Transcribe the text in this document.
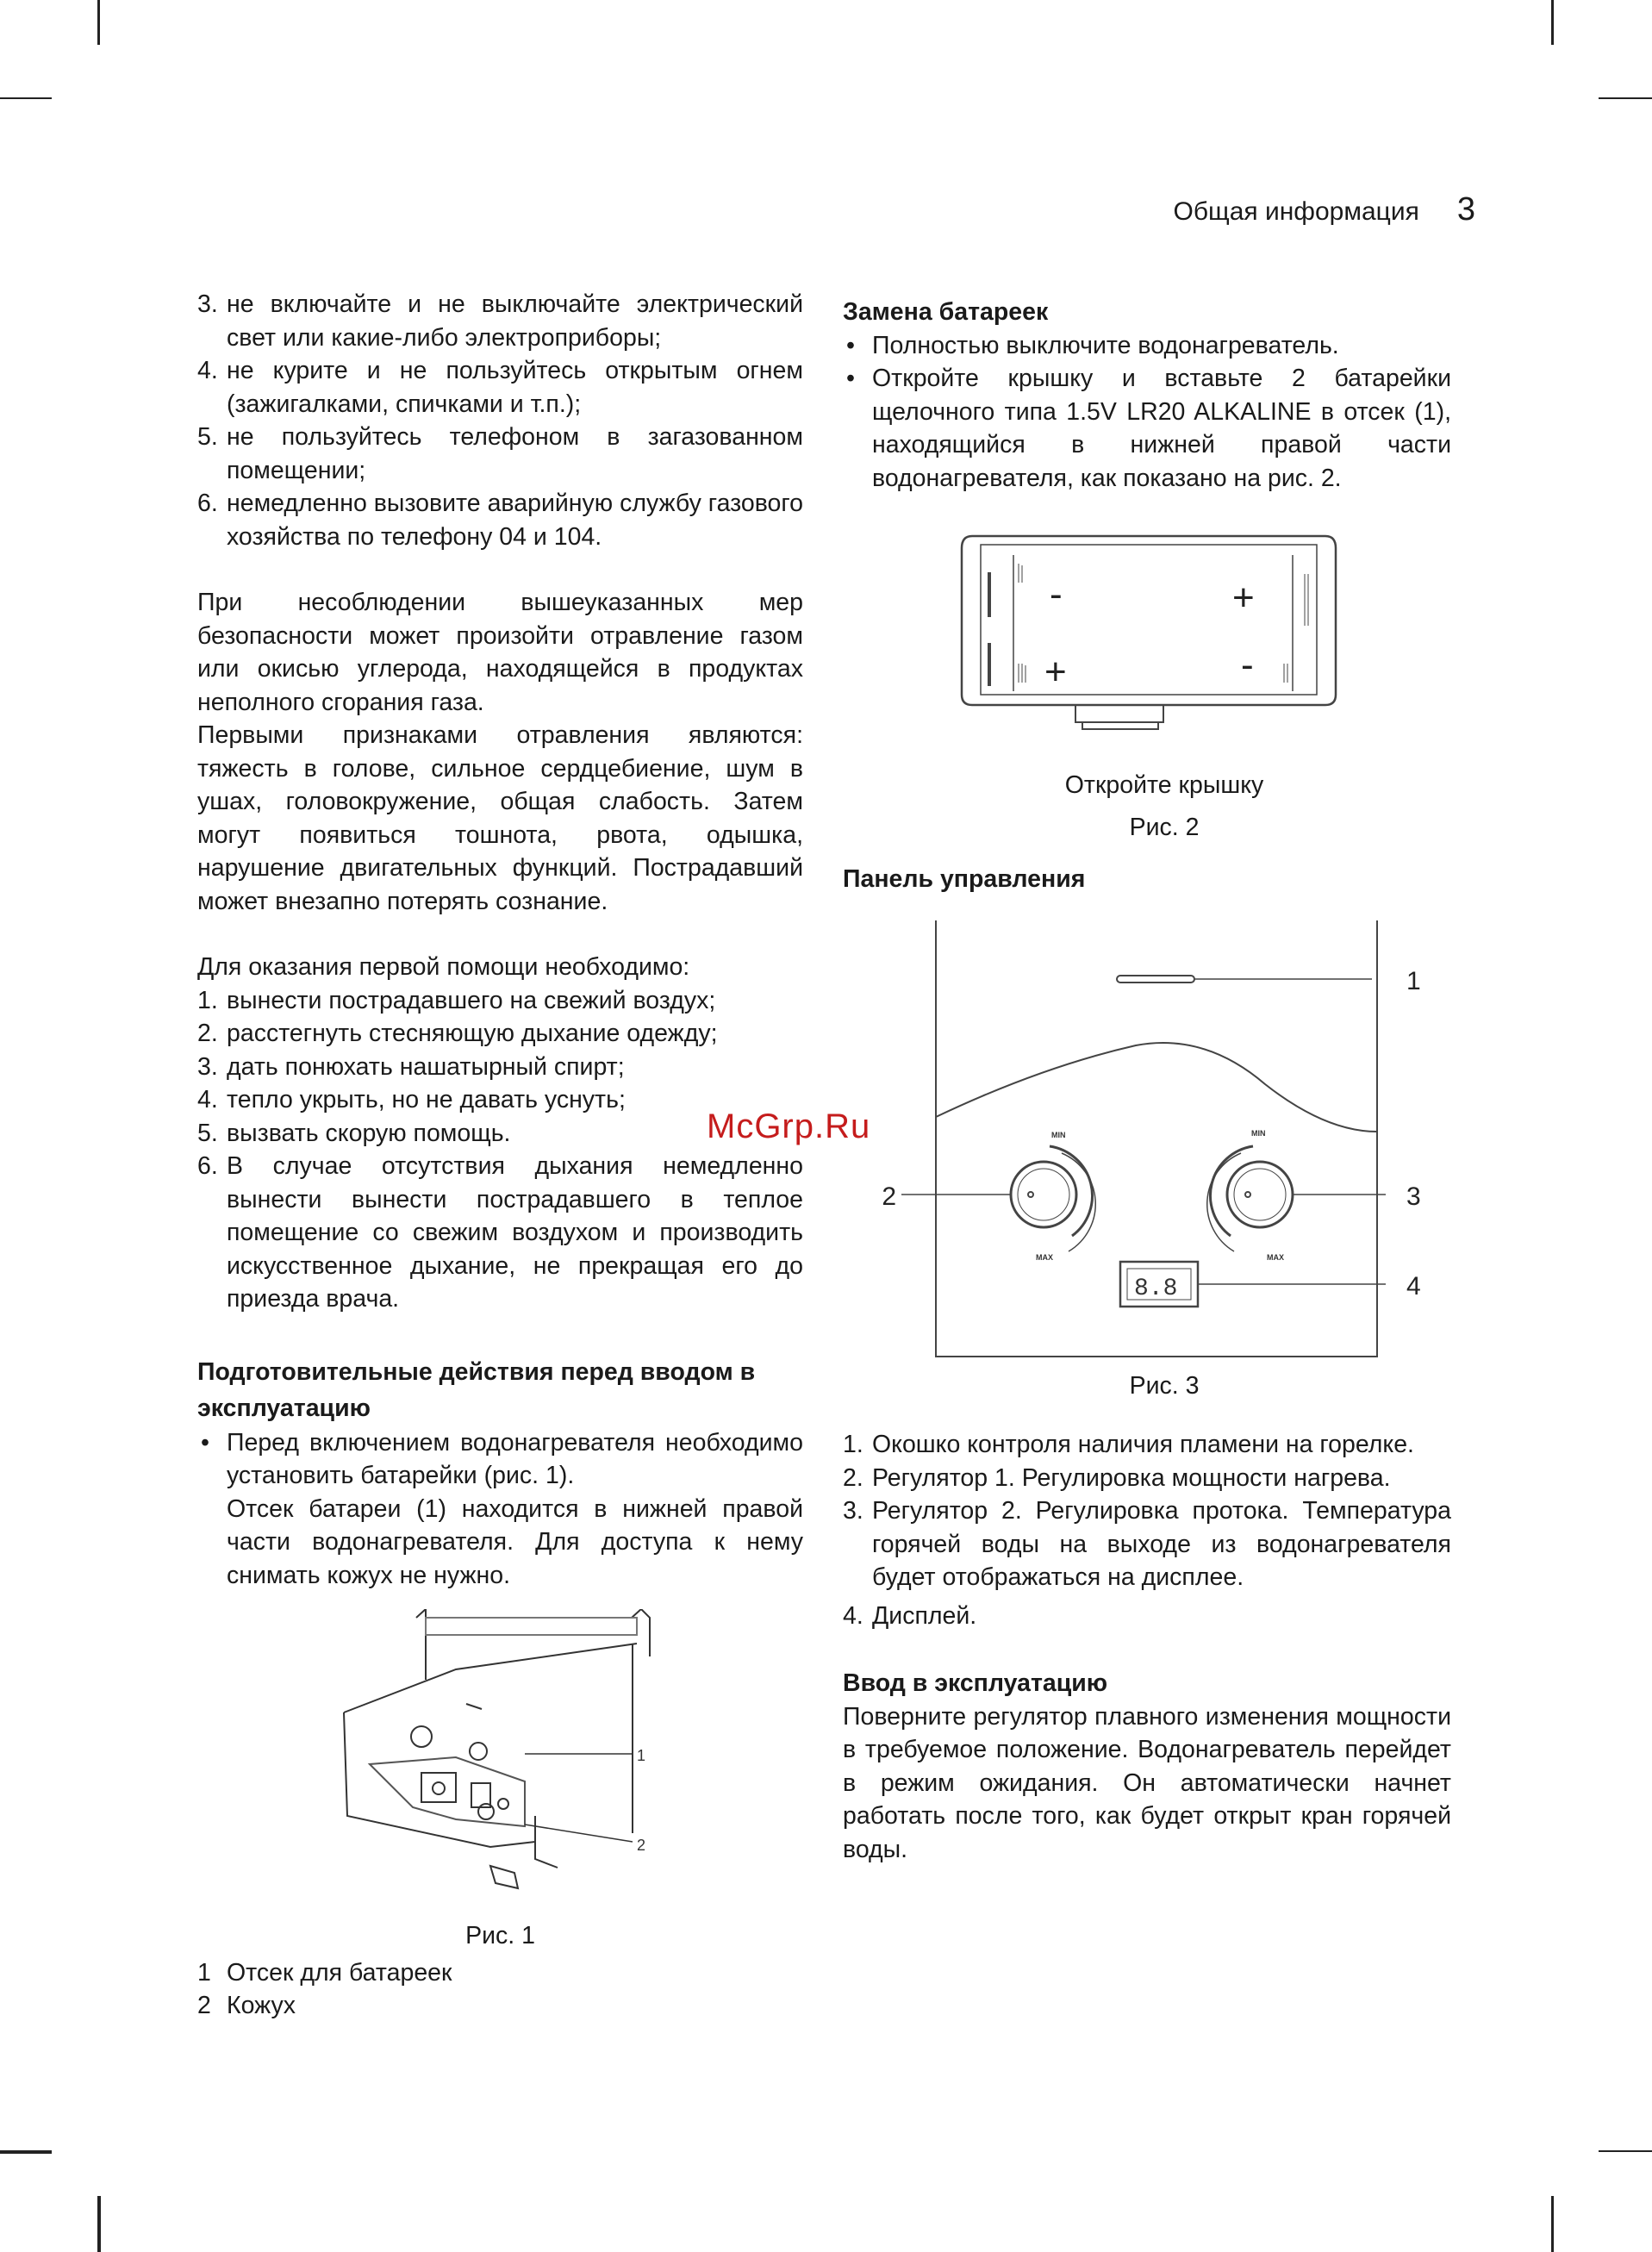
Общая информация 3
McGrp.Ru
3. не включайте и не выключайте электрический свет или какие-либо электроприборы;
4. не курите и не пользуйтесь открытым огнем (зажигалками, спичками и т.п.);
5. не пользуйтесь телефоном в загазованном помещении;
6. немедленно вызовите аварийную службу газового хозяйства по телефону 04 и 104.

При несоблюдении вышеуказанных мер безопасности может произойти отравление газом или окисью углерода, находящейся в продуктах неполного сгорания газа.

Первыми признаками отравления являются: тяжесть в голове, сильное сердцебиение, шум в ушах, головокружение, общая слабость. Затем могут появиться тошнота, рвота, одышка, нарушение двигательных функций. Пострадавший может внезапно потерять сознание.

Для оказания первой помощи необходимо:

1. вынести пострадавшего на свежий воздух;
2. расстегнуть стесняющую дыхание одежду;
3. дать понюхать нашатырный спирт;
4. тепло укрыть, но не давать уснуть;
5. вызвать скорую помощь.
6. В случае отсутствия дыхания немедленно вынести вынести пострадавшего в теплое помещение со свежим воздухом и производить искусственное дыхание, не прекращая его до приезда врача.
Подготовительные действия перед вводом в эксплуатацию
• Перед включением водонагревателя необходимо установить батарейки (рис. 1).

Отсек батареи (1) находится в нижней правой части водонагревателя. Для доступа к нему снимать кожух не нужно.

1
2

Рис. 1

1 Отсек для батареек
2 Кожух
Замена батареек
• Полностью выключите водонагреватель.
• Откройте крышку и вставьте 2 батарейки щелочного типа 1.5V LR20 ALKALINE в отсек (1), находящийся в нижней правой части водонагревателя, как показано на рис. 2.
-	+
+	-

Откройте крышку

Рис. 2

Панель управления
MIN	MIN
MAX	MAX
8.8
1
2	3
4

Рис. 3

1. Окошко контроля наличия пламени на горелке.
2. Регулятор 1. Регулировка мощности нагрева.
3. Регулятор 2. Регулировка протока. Температура горячей воды на выходе из водонагревателя будет отображаться на дисплее.
4. Дисплей.
Ввод в эксплуатацию

Поверните регулятор плавного изменения мощности в требуемое положение. Водонагреватель перейдет в режим ожидания. Он автоматически начнет работать после того, как будет открыт кран горячей воды.
